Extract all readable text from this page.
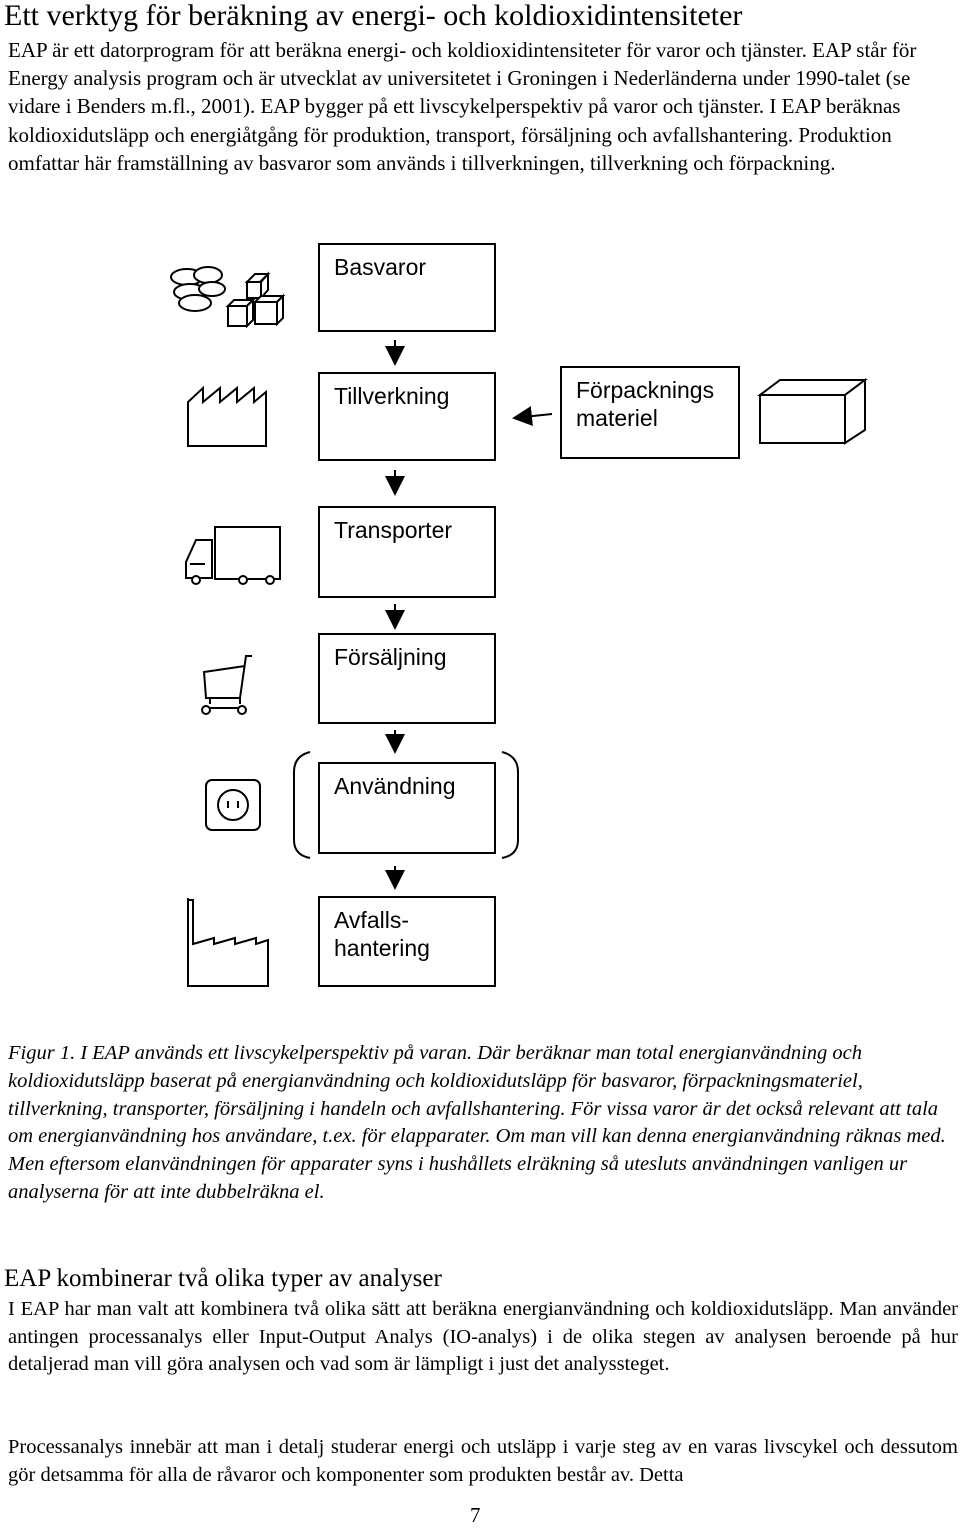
Ett verktyg för beräkning av energi- och koldioxidintensiteter
EAP är ett datorprogram för att beräkna energi- och koldioxidintensiteter för varor och tjänster. EAP står för Energy analysis program och är utvecklat av universitetet i Groningen i Nederländerna under 1990-talet (se vidare i Benders m.fl., 2001). EAP bygger på ett livscykelperspektiv på varor och tjänster. I EAP beräknas koldioxidutsläpp och energiåtgång för produktion, transport, försäljning och avfallshantering. Produktion omfattar här framställning av basvaror som används i tillverkningen, tillverkning och förpackning.
Basvaror
Tillverkning	Förpacknings materiel
Transporter
Försäljning
Användning
Avfalls- hantering
Figur 1. I EAP används ett livscykelperspektiv på varan. Där beräknar man total energianvändning och koldioxidutsläpp baserat på energianvändning och koldioxidutsläpp för basvaror, förpackningsmateriel, tillverkning, transporter, försäljning i handeln och avfallshantering. För vissa varor är det också relevant att tala om energianvändning hos användare, t.ex. för elapparater. Om man vill kan denna energianvändning räknas med. Men eftersom elanvändningen för apparater syns i hushållets elräkning så utesluts användningen vanligen ur analyserna för att inte dubbelräkna el.
EAP kombinerar två olika typer av analyser
I EAP har man valt att kombinera två olika sätt att beräkna energianvändning och koldioxidutsläpp. Man använder antingen processanalys eller Input-Output Analys (IO-analys) i de olika stegen av analysen beroende på hur detaljerad man vill göra analysen och vad som är lämpligt i just det analyssteget.
Processanalys innebär att man i detalj studerar energi och utsläpp i varje steg av en varas livscykel och dessutom gör detsamma för alla de råvaror och komponenter som produkten består av. Detta
7
